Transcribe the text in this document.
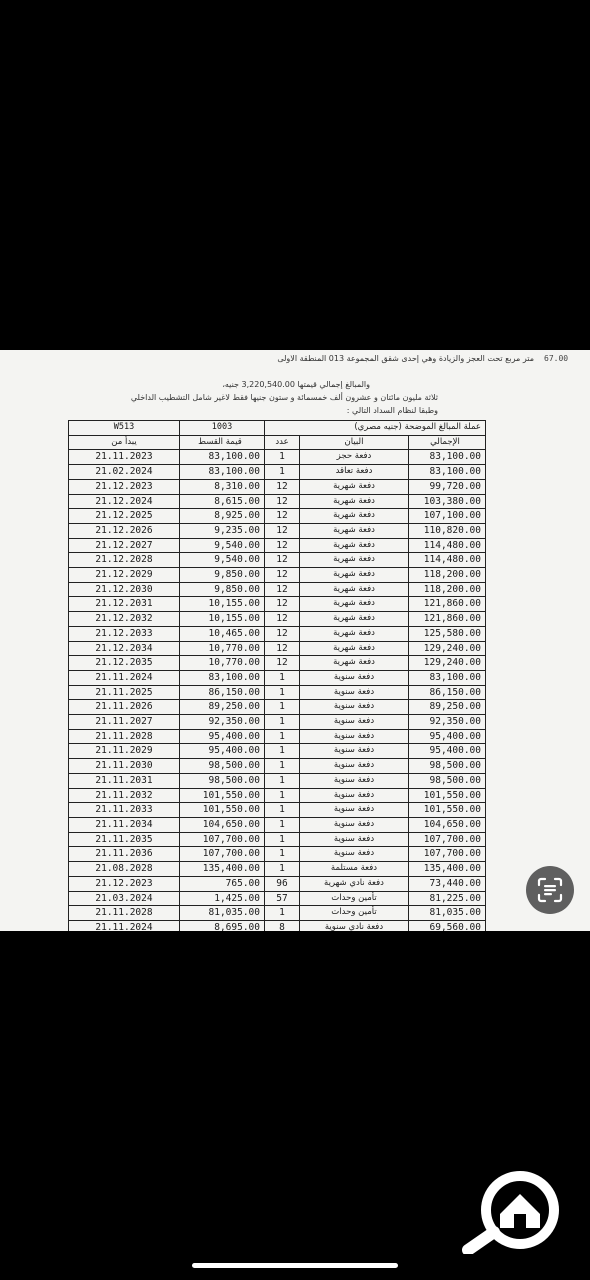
67.00
متر مربع تحت العجز والزيادة وهي إحدى شقق المجموعة 013 المنطقة الاولى
والمبالغ إجمالي قيمتها 3,220,540.00 جنيه،
ثلاثة مليون مائتان و عشرون ألف خمسمائة و ستون جنيها فقط لاغير شامل التشطيب الداخلي
وطبقا لنظام السداد التالي :
W513	1003	عملة المبالغ الموضحة (جنيه مصري)		
يبدأ من	قيمة القسط	عدد	البيان	الإجمالي
21.11.2023	83,100.00	1	دفعة حجز	83,100.00
21.02.2024	83,100.00	1	دفعة تعاقد	83,100.00
21.12.2023	8,310.00	12	دفعة شهرية	99,720.00
21.12.2024	8,615.00	12	دفعة شهرية	103,380.00
21.12.2025	8,925.00	12	دفعة شهرية	107,100.00
21.12.2026	9,235.00	12	دفعة شهرية	110,820.00
21.12.2027	9,540.00	12	دفعة شهرية	114,480.00
21.12.2028	9,540.00	12	دفعة شهرية	114,480.00
21.12.2029	9,850.00	12	دفعة شهرية	118,200.00
21.12.2030	9,850.00	12	دفعة شهرية	118,200.00
21.12.2031	10,155.00	12	دفعة شهرية	121,860.00
21.12.2032	10,155.00	12	دفعة شهرية	121,860.00
21.12.2033	10,465.00	12	دفعة شهرية	125,580.00
21.12.2034	10,770.00	12	دفعة شهرية	129,240.00
21.12.2035	10,770.00	12	دفعة شهرية	129,240.00
21.11.2024	83,100.00	1	دفعة سنوية	83,100.00
21.11.2025	86,150.00	1	دفعة سنوية	86,150.00
21.11.2026	89,250.00	1	دفعة سنوية	89,250.00
21.11.2027	92,350.00	1	دفعة سنوية	92,350.00
21.11.2028	95,400.00	1	دفعة سنوية	95,400.00
21.11.2029	95,400.00	1	دفعة سنوية	95,400.00
21.11.2030	98,500.00	1	دفعة سنوية	98,500.00
21.11.2031	98,500.00	1	دفعة سنوية	98,500.00
21.11.2032	101,550.00	1	دفعة سنوية	101,550.00
21.11.2033	101,550.00	1	دفعة سنوية	101,550.00
21.11.2034	104,650.00	1	دفعة سنوية	104,650.00
21.11.2035	107,700.00	1	دفعة سنوية	107,700.00
21.11.2036	107,700.00	1	دفعة سنوية	107,700.00
21.08.2028	135,400.00	1	دفعة مستلمة	135,400.00
21.12.2023	765.00	96	دفعة نادي شهرية	73,440.00
21.03.2024	1,425.00	57	تأمين وحدات	81,225.00
21.11.2028	81,035.00	1	تأمين وحدات	81,035.00
21.11.2024	8,695.00	8	دفعة نادي سنوية	69,560.00
